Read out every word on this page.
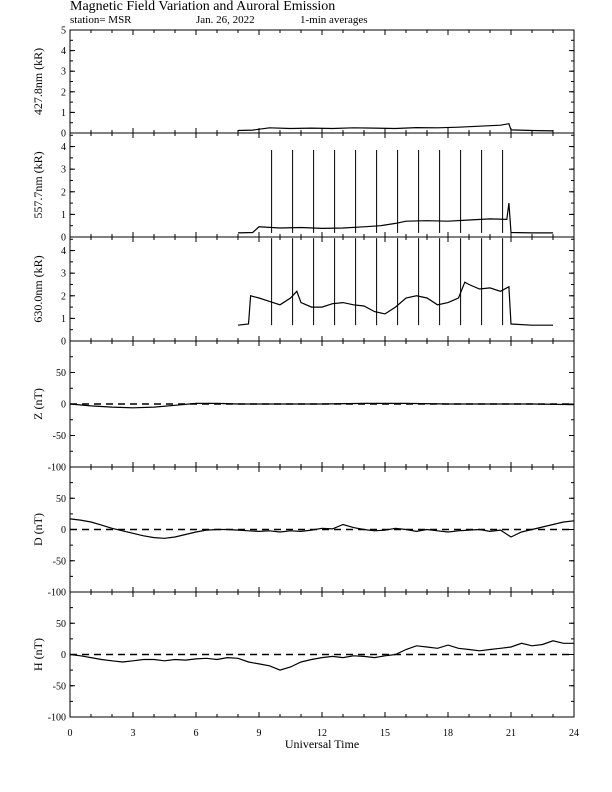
Magnetic Field Variation and Auroral Emission
station= MSR	Jan. 26, 2022	1-min averages
0
1
2
3
4
5
427.8nm (kR)
0
1
2
3
4
557.7nm (kR)
0
1
2
3
4
630.0nm (kR)
-100
-50
0
50
Z (nT)
-100
-50
0
50
D (nT)
-100
-50
0
50
H (nT)
0	3	6	9	12	15	18	21	24
Universal Time
